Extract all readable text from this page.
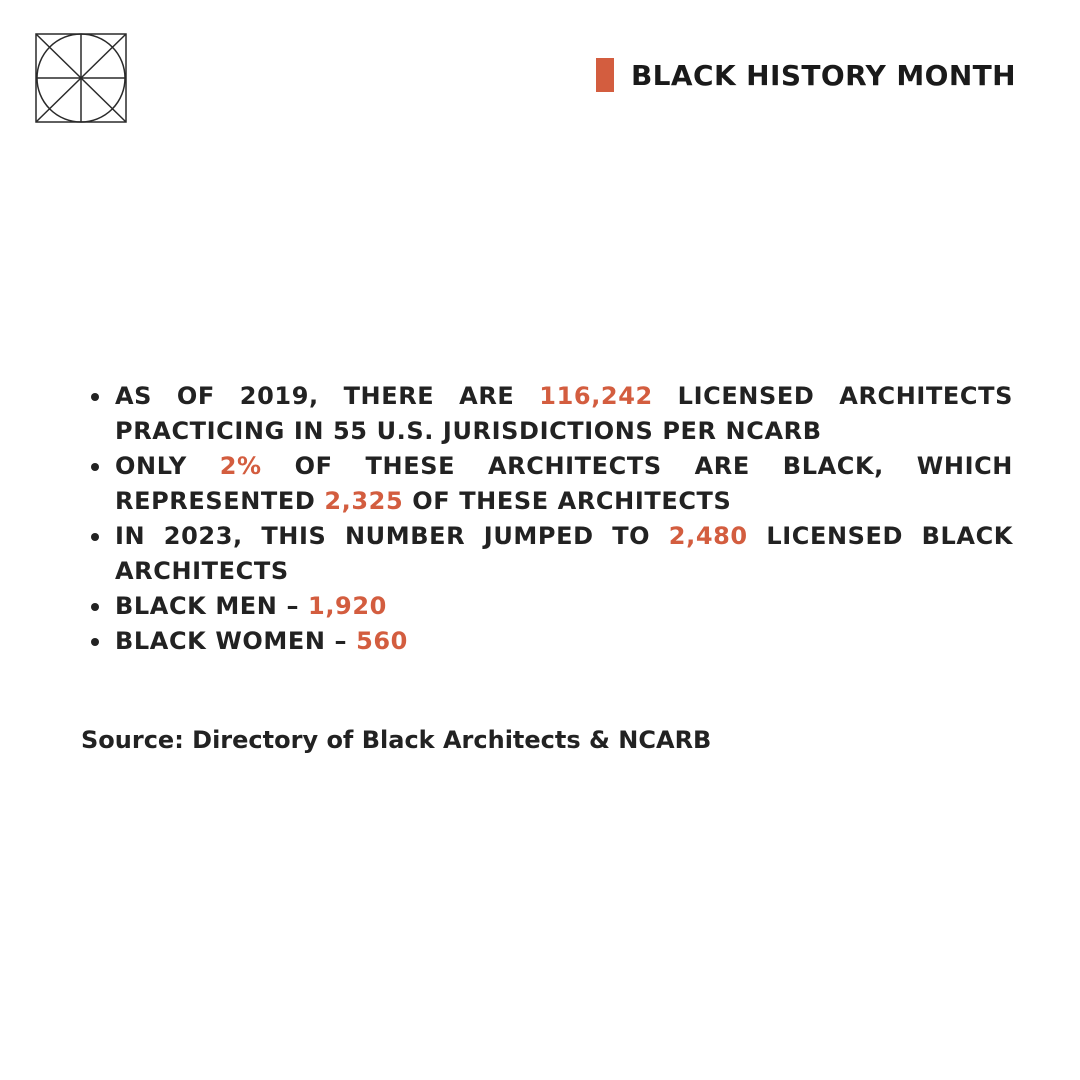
BLACK HISTORY MONTH
AS OF 2019, THERE ARE 116,242 LICENSED ARCHITECTS PRACTICING IN 55 U.S. JURISDICTIONS PER NCARB
ONLY 2% OF THESE ARCHITECTS ARE BLACK, WHICH REPRESENTED 2,325 OF THESE ARCHITECTS
IN 2023, THIS NUMBER JUMPED TO 2,480 LICENSED BLACK ARCHITECTS
BLACK MEN – 1,920
BLACK WOMEN – 560
Source: Directory of Black Architects & NCARB
